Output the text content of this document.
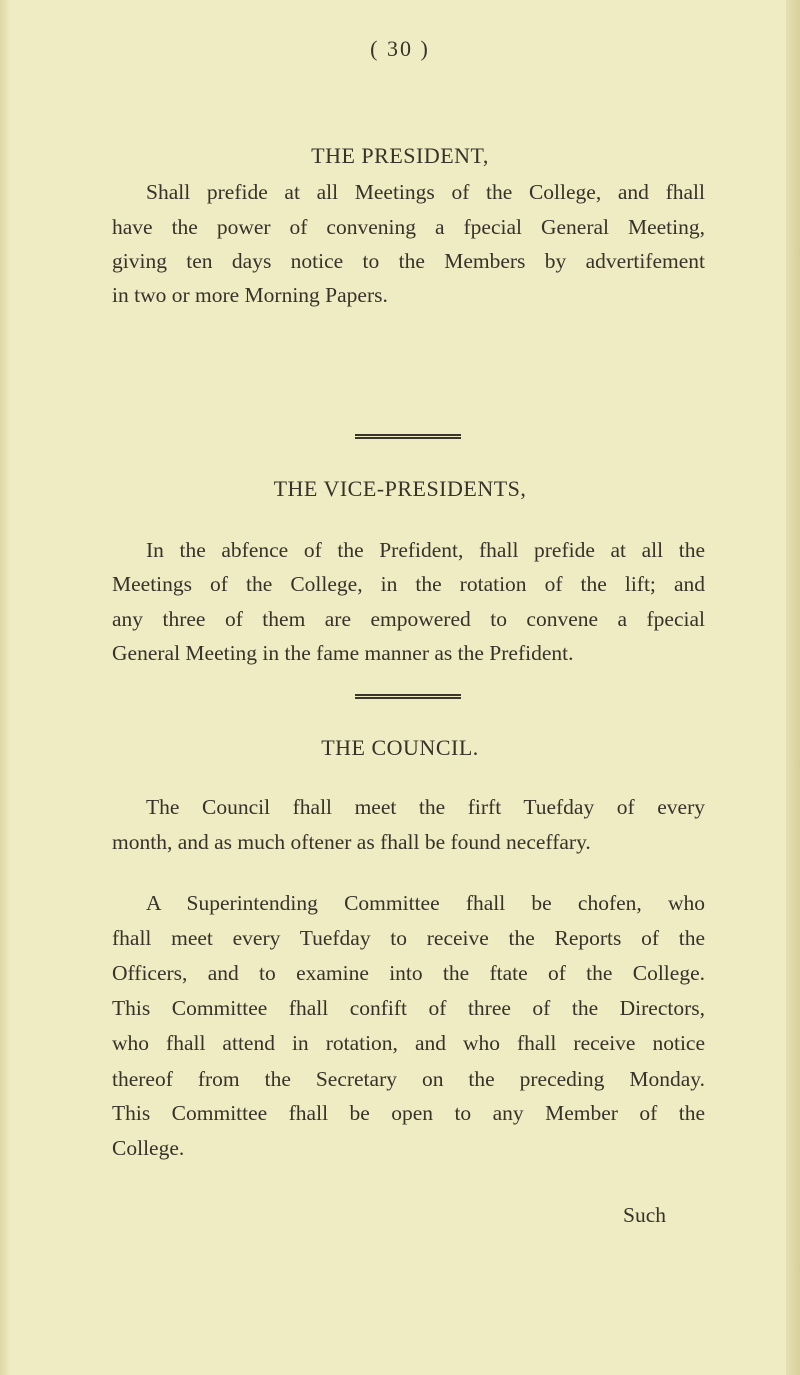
( 30 )
THE PRESIDENT,
Shall prefide at all Meetings of the College, and fhall
have the power of convening a fpecial General Meeting,
giving ten days notice to the Members by advertifement
in two or more Morning Papers.
THE VICE-PRESIDENTS,
In the abfence of the Prefident, fhall prefide at all the
Meetings of the College, in the rotation of the lift; and
any three of them are empowered to convene a fpecial
General Meeting in the fame manner as the Prefident.
THE COUNCIL.
The Council fhall meet the firft Tuefday of every
month, and as much oftener as fhall be found neceffary.
A Superintending Committee fhall be chofen, who
fhall meet every Tuefday to receive the Reports of the
Officers, and to examine into the ftate of the College.
This Committee fhall confift of three of the Directors,
who fhall attend in rotation, and who fhall receive notice
thereof from the Secretary on the preceding Monday.
This Committee fhall be open to any Member of the
College.
Such
